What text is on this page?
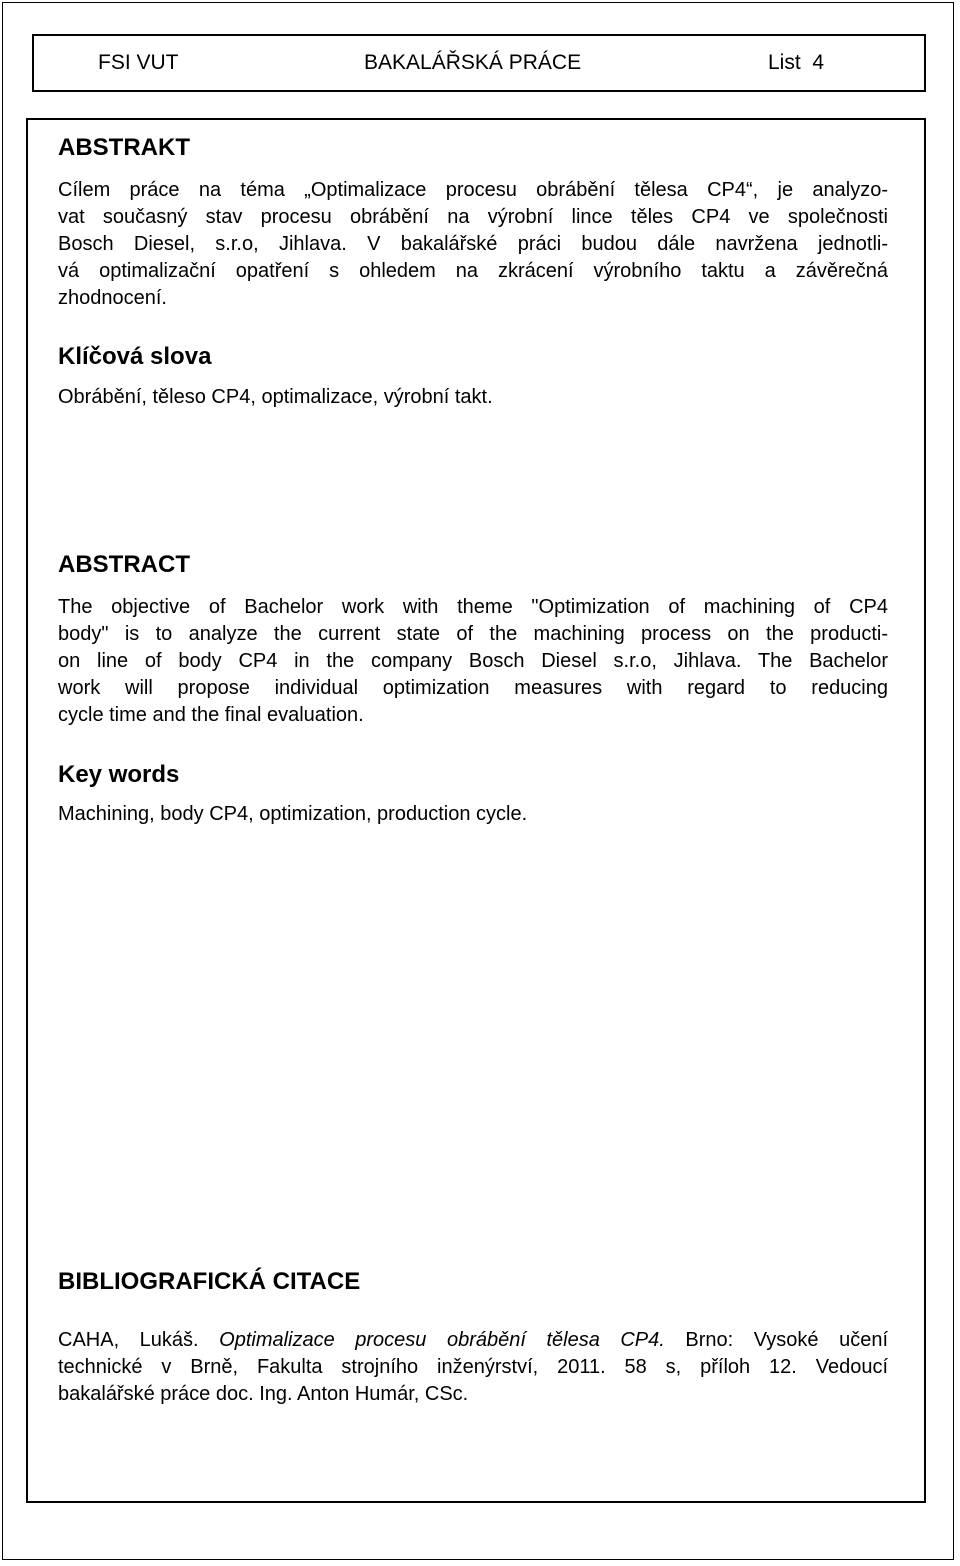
FSI VUT	BAKALÁŘSKÁ PRÁCE	List  4
ABSTRAKT
Cílem práce na téma „Optimalizace procesu obrábění tělesa CP4“, je analyzo-
vat současný stav procesu obrábění na výrobní lince těles CP4 ve společnosti
Bosch Diesel, s.r.o, Jihlava. V bakalářské práci budou dále navržena jednotli-
vá optimalizační opatření s ohledem na zkrácení výrobního taktu a závěrečná
zhodnocení.
Klíčová slova
Obrábění, těleso CP4, optimalizace, výrobní takt.
ABSTRACT
The objective of Bachelor work with theme "Optimization of machining of CP4
body" is to analyze the current state of the machining process on the producti-
on line of body CP4 in the company Bosch Diesel s.r.o, Jihlava. The Bachelor
work will propose individual optimization measures with regard to reducing
cycle time and the final evaluation.
Key words
Machining, body CP4, optimization, production cycle.
BIBLIOGRAFICKÁ CITACE
CAHA, Lukáš. Optimalizace procesu obrábění tělesa CP4. Brno: Vysoké učení
technické v Brně, Fakulta strojního inženýrství, 2011. 58 s, příloh 12. Vedoucí
bakalářské práce doc. Ing. Anton Humár, CSc.
